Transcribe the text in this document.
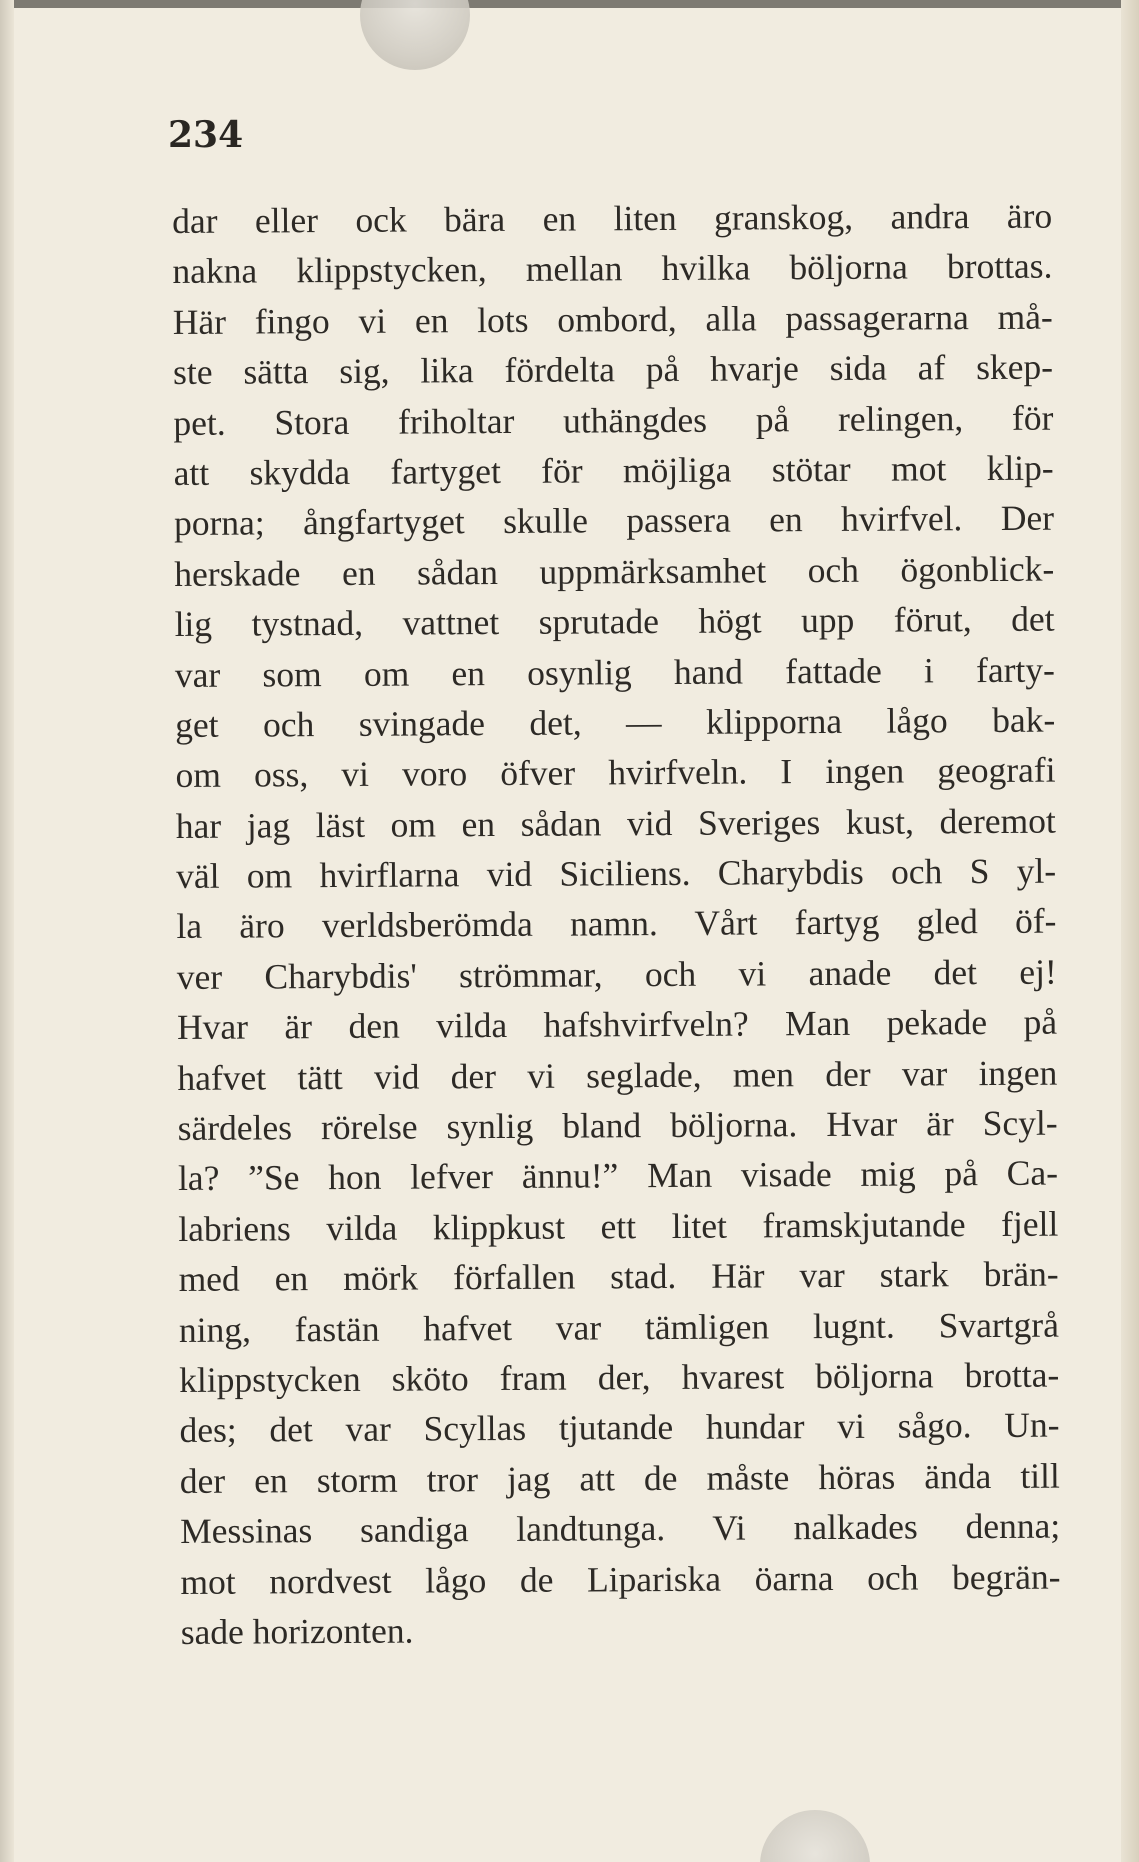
234
dar eller ock bära en liten granskog, andra äro
nakna klippstycken, mellan hvilka böljorna brottas.
Här fingo vi en lots ombord, alla passagerarna må-
ste sätta sig, lika fördelta på hvarje sida af skep-
pet. Stora friholtar uthängdes på relingen, för
att skydda fartyget för möjliga stötar mot klip-
porna; ångfartyget skulle passera en hvirfvel. Der
herskade en sådan uppmärksamhet och ögonblick-
lig tystnad, vattnet sprutade högt upp förut, det
var som om en osynlig hand fattade i farty-
get och svingade det, — klipporna lågo bak-
om oss, vi voro öfver hvirfveln. I ingen geografi
har jag läst om en sådan vid Sveriges kust, deremot
väl om hvirflarna vid Siciliens. Charybdis och S yl-
la äro verldsberömda namn. Vårt fartyg gled öf-
ver Charybdis' strömmar, och vi anade det ej!
Hvar är den vilda hafshvirfveln? Man pekade på
hafvet tätt vid der vi seglade, men der var ingen
särdeles rörelse synlig bland böljorna. Hvar är Scyl-
la? ”Se hon lefver ännu!” Man visade mig på Ca-
labriens vilda klippkust ett litet framskjutande fjell
med en mörk förfallen stad. Här var stark brän-
ning, fastän hafvet var tämligen lugnt. Svartgrå
klippstycken sköto fram der, hvarest böljorna brotta-
des; det var Scyllas tjutande hundar vi sågo. Un-
der en storm tror jag att de måste höras ända till
Messinas sandiga landtunga. Vi nalkades denna;
mot nordvest lågo de Lipariska öarna och begrän-
sade horizonten.
